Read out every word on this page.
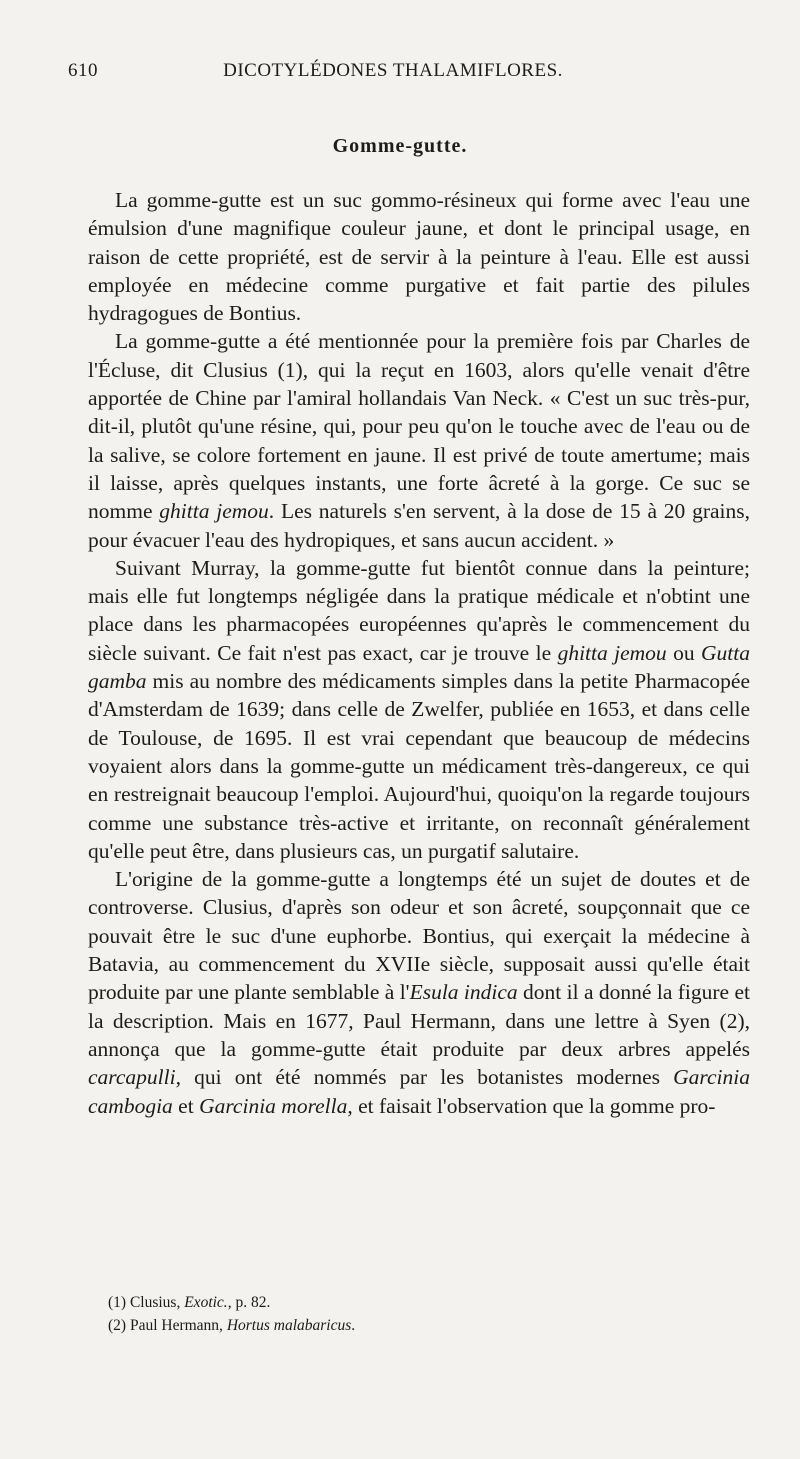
610	DICOTYLÉDONES THALAMIFLORES.
Gomme-gutte.

La gomme-gutte est un suc gommo-résineux qui forme avec l'eau une émulsion d'une magnifique couleur jaune, et dont le principal usage, en raison de cette propriété, est de servir à la peinture à l'eau. Elle est aussi employée en médecine comme purgative et fait partie des pilules hydragogues de Bontius.

La gomme-gutte a été mentionnée pour la première fois par Charles de l'Écluse, dit Clusius (1), qui la reçut en 1603, alors qu'elle venait d'être apportée de Chine par l'amiral hollandais Van Neck. « C'est un suc très-pur, dit-il, plutôt qu'une résine, qui, pour peu qu'on le touche avec de l'eau ou de la salive, se colore fortement en jaune. Il est privé de toute amertume; mais il laisse, après quelques instants, une forte âcreté à la gorge. Ce suc se nomme ghitta jemou. Les naturels s'en servent, à la dose de 15 à 20 grains, pour évacuer l'eau des hydropiques, et sans aucun accident. »

Suivant Murray, la gomme-gutte fut bientôt connue dans la peinture; mais elle fut longtemps négligée dans la pratique médicale et n'obtint une place dans les pharmacopées européennes qu'après le commencement du siècle suivant. Ce fait n'est pas exact, car je trouve le ghitta jemou ou Gutta gamba mis au nombre des médicaments simples dans la petite Pharmacopée d'Amsterdam de 1639; dans celle de Zwelfer, publiée en 1653, et dans celle de Toulouse, de 1695. Il est vrai cependant que beaucoup de médecins voyaient alors dans la gomme-gutte un médicament très-dangereux, ce qui en restreignait beaucoup l'emploi. Aujourd'hui, quoiqu'on la regarde toujours comme une substance très-active et irritante, on reconnaît généralement qu'elle peut être, dans plusieurs cas, un purgatif salutaire.

L'origine de la gomme-gutte a longtemps été un sujet de doutes et de controverse. Clusius, d'après son odeur et son âcreté, soupçonnait que ce pouvait être le suc d'une euphorbe. Bontius, qui exerçait la médecine à Batavia, au commencement du XVIIe siècle, supposait aussi qu'elle était produite par une plante semblable à l'Esula indica dont il a donné la figure et la description. Mais en 1677, Paul Hermann, dans une lettre à Syen (2), annonça que la gomme-gutte était produite par deux arbres appelés carcapulli, qui ont été nommés par les botanistes modernes Garcinia cambogia et Garcinia morella, et faisait l'observation que la gomme pro-

(1) Clusius, Exotic., p. 82.
(2) Paul Hermann, Hortus malabaricus.
